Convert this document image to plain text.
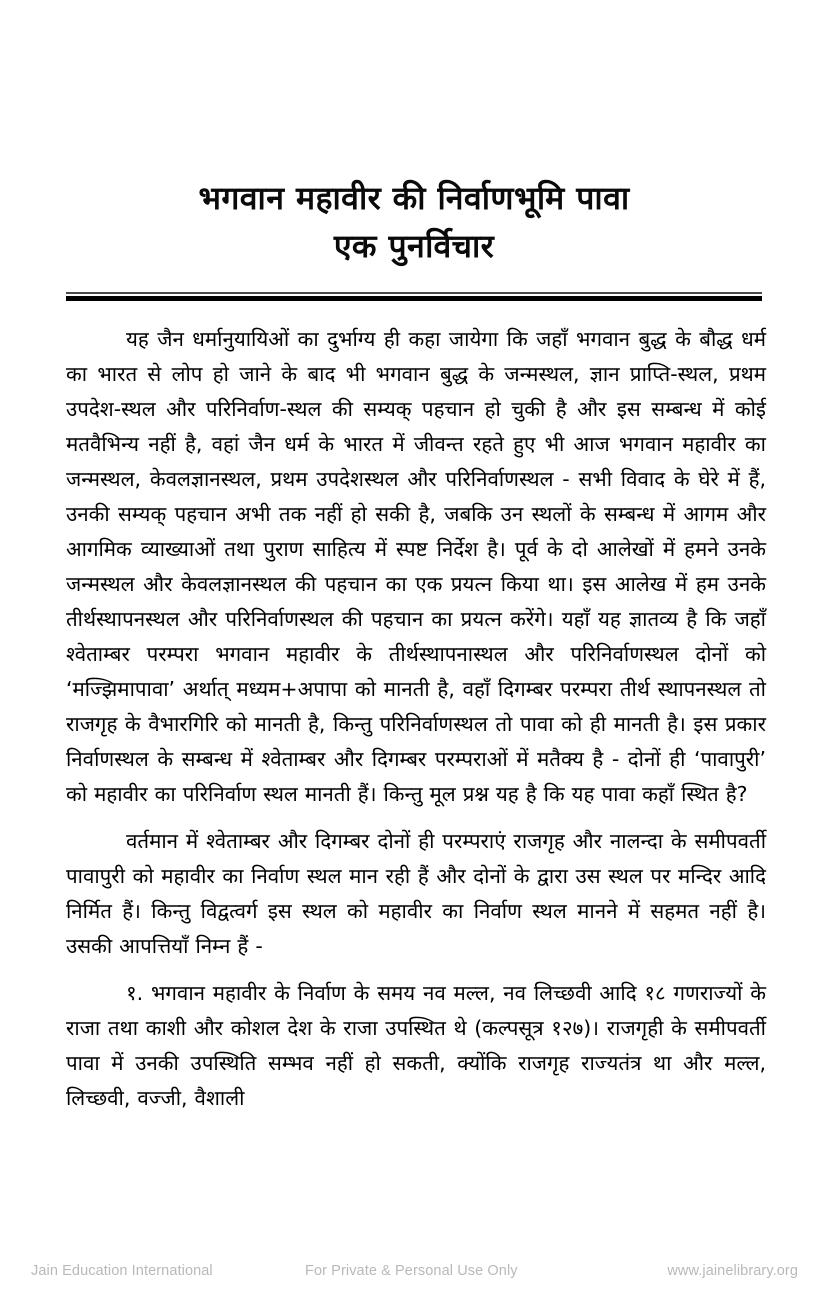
भगवान महावीर की निर्वाणभूमि पावा
एक पुनर्विचार

यह जैन धर्मानुयायिओं का दुर्भाग्य ही कहा जायेगा कि जहाँ भगवान बुद्ध के बौद्ध धर्म का भारत से लोप हो जाने के बाद भी भगवान बुद्ध के जन्मस्थल, ज्ञान प्राप्ति-स्थल, प्रथम उपदेश-स्थल और परिनिर्वाण-स्थल की सम्यक् पहचान हो चुकी है और इस सम्बन्ध में कोई मतवैभिन्य नहीं है, वहां जैन धर्म के भारत में जीवन्त रहते हुए भी आज भगवान महावीर का जन्मस्थल, केवलज्ञानस्थल, प्रथम उपदेशस्थल और परिनिर्वाणस्थल - सभी विवाद के घेरे में हैं, उनकी सम्यक् पहचान अभी तक नहीं हो सकी है, जबकि उन स्थलों के सम्बन्ध में आगम और आगमिक व्याख्याओं तथा पुराण साहित्य में स्पष्ट निर्देश है। पूर्व के दो आलेखों में हमने उनके जन्मस्थल और केवलज्ञानस्थल की पहचान का एक प्रयत्न किया था। इस आलेख में हम उनके तीर्थस्थापनस्थल और परिनिर्वाणस्थल की पहचान का प्रयत्न करेंगे। यहाँ यह ज्ञातव्य है कि जहाँ श्वेताम्बर परम्परा भगवान महावीर के तीर्थस्थापनास्थल और परिनिर्वाणस्थल दोनों को ‘मज्झिमापावा’ अर्थात् मध्यम+अपापा को मानती है, वहाँ दिगम्बर परम्परा तीर्थ स्थापनस्थल तो राजगृह के वैभारगिरि को मानती है, किन्तु परिनिर्वाणस्थल तो पावा को ही मानती है। इस प्रकार निर्वाणस्थल के सम्बन्ध में श्वेताम्बर और दिगम्बर परम्पराओं में मतैक्य है - दोनों ही ‘पावापुरी’ को महावीर का परिनिर्वाण स्थल मानती हैं। किन्तु मूल प्रश्न यह है कि यह पावा कहाँ स्थित है?

वर्तमान में श्वेताम्बर और दिगम्बर दोनों ही परम्पराएं राजगृह और नालन्दा के समीपवर्ती पावापुरी को महावीर का निर्वाण स्थल मान रही हैं और दोनों के द्वारा उस स्थल पर मन्दिर आदि निर्मित हैं। किन्तु विद्वत्वर्ग इस स्थल को महावीर का निर्वाण स्थल मानने में सहमत नहीं है। उसकी आपत्तियाँ निम्न हैं -

१. भगवान महावीर के निर्वाण के समय नव मल्ल, नव लिच्छवी आदि १८ गणराज्यों के राजा तथा काशी और कोशल देश के राजा उपस्थित थे (कल्पसूत्र १२७)। राजगृही के समीपवर्ती पावा में उनकी उपस्थिति सम्भव नहीं हो सकती, क्योंकि राजगृह राज्यतंत्र था और मल्ल, लिच्छवी, वज्जी, वैशाली

Jain Education International	For Private & Personal Use Only	www.jainelibrary.org
